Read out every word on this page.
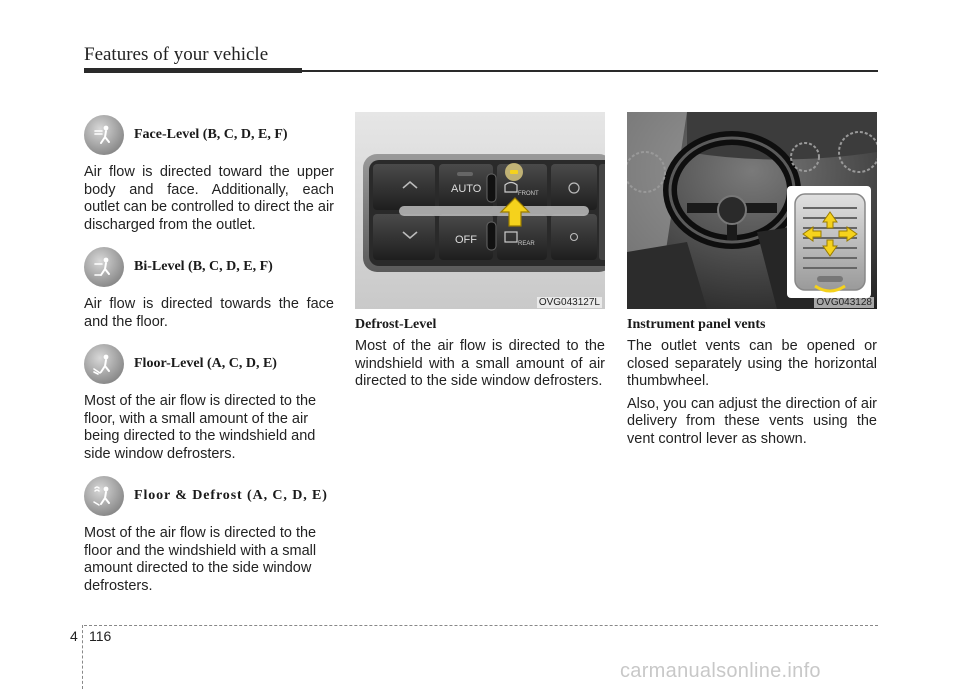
Features of your vehicle
Face-Level (B, C, D, E, F)

Air flow is directed toward the upper body and face. Additionally, each outlet can be controlled to direct the air discharged from the outlet.

Bi-Level (B, C, D, E, F)

Air flow is directed towards the face and the floor.

Floor-Level (A, C, D, E)

Most of the air flow is directed to the floor, with a small amount of the air being directed to the windshield and side window defrosters.

Floor & Defrost (A, C, D, E)

Most of the air flow is directed to the floor and the windshield with a small amount directed to the side window defrosters.

AUTO
OFF
FRONT
REAR
OVG043127L
Defrost-Level

Most of the air flow is directed to the windshield with a small amount of air directed to the side window defrosters.

OVG043128
Instrument panel vents

The outlet vents can be opened or closed separately using the horizontal thumbwheel.

Also, you can adjust the direction of air delivery from these vents using the vent control lever as shown.

4 116
carmanualsonline.info
